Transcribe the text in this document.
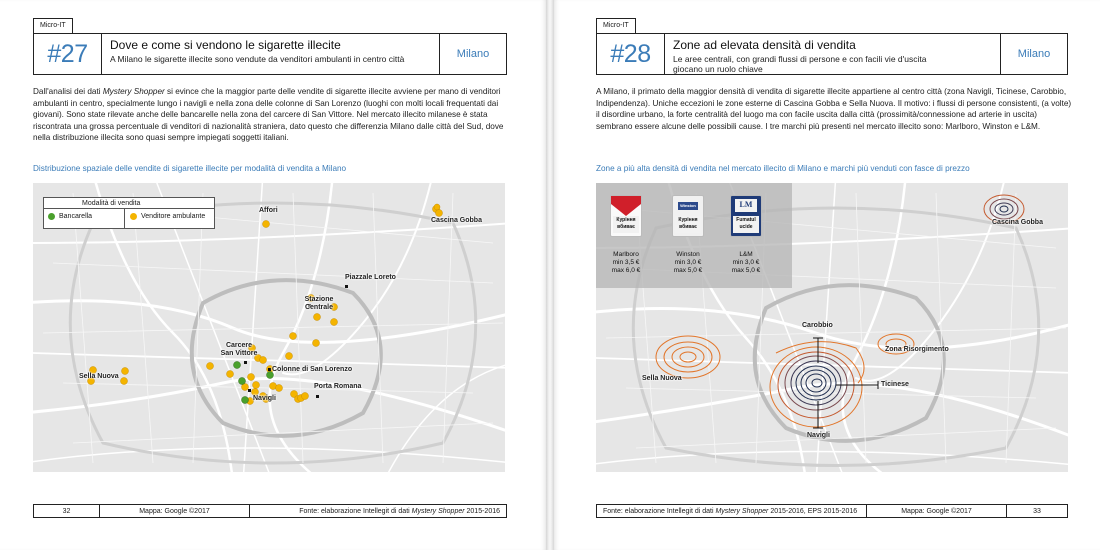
Micro-IT
#27	Dove e come si vendono le sigarette illecite
A Milano le sigarette illecite sono vendute da venditori ambulanti in centro città	Milano
Dall'analisi dei dati Mystery Shopper si evince che la maggior parte delle vendite di sigarette illecite avviene per mano di venditori ambulanti in centro, specialmente lungo i navigli e nella zona delle colonne di San Lorenzo (luoghi con molti locali frequentati dai giovani). Sono state rilevate anche delle bancarelle nella zona del carcere di San Vittore. Nel mercato illecito milanese è stata riscontrata una grossa percentuale di venditori di nazionalità straniera, dato questo che differenzia Milano dalle città del Sud, dove nella distribuzione illecita sono quasi sempre impiegati soggetti italiani.
Distribuzione spaziale delle vendite di sigarette illecite per modalità di vendita a Milano
Modalità di vendita
Bancarella	Venditore ambulante
Affori
Cascina Gobba
Piazzale Loreto
Stazione Centrale
Carcere San Vittore
Colonne di San Lorenzo
Sella Nuova
Porta Romana
Navigli
32	Mappa: Google ©2017	Fonte: elaborazione Intellegit di dati Mystery Shopper 2015-2016
Micro-IT
#28	Zone ad elevata densità di vendita
Le aree centrali, con grandi flussi di persone e con facili vie d'uscita giocano un ruolo chiave
Milano
A Milano, il primato della maggior densità di vendita di sigarette illecite appartiene al centro città (zona Navigli, Ticinese, Carobbio, Indipendenza). Uniche eccezioni le zone esterne di Cascina Gobba e Sella Nuova. Il motivo: i flussi di persone consistenti, (a volte) il disordine urbano, la forte centralità del luogo ma con facile uscita dalla città (prossimità/connessione ad arterie in uscita) sembrano essere alcune delle possibili cause. I tre marchi più presenti nel mercato illecito sono: Marlboro, Winston e L&M.
Zone a più alta densità di vendita nel mercato illecito di Milano e marchi più venduti con fasce di prezzo
Куріння вбиває
Winston
Куріння вбиває
LM
Fumatul ucide
Marlboro
min 3,5 €
max 6,0 €
Winston
min 3,0 €
max 5,0 €
L&M
min 3,0 €
max 5,0 €
Cascina Gobba
Carobbio
Zona Risorgimento
Sella Nuova
Ticinese
Navigli
Fonte: elaborazione Intellegit di dati Mystery Shopper 2015-2016, EPS 2015-2016	Mappa: Google ©2017	33
